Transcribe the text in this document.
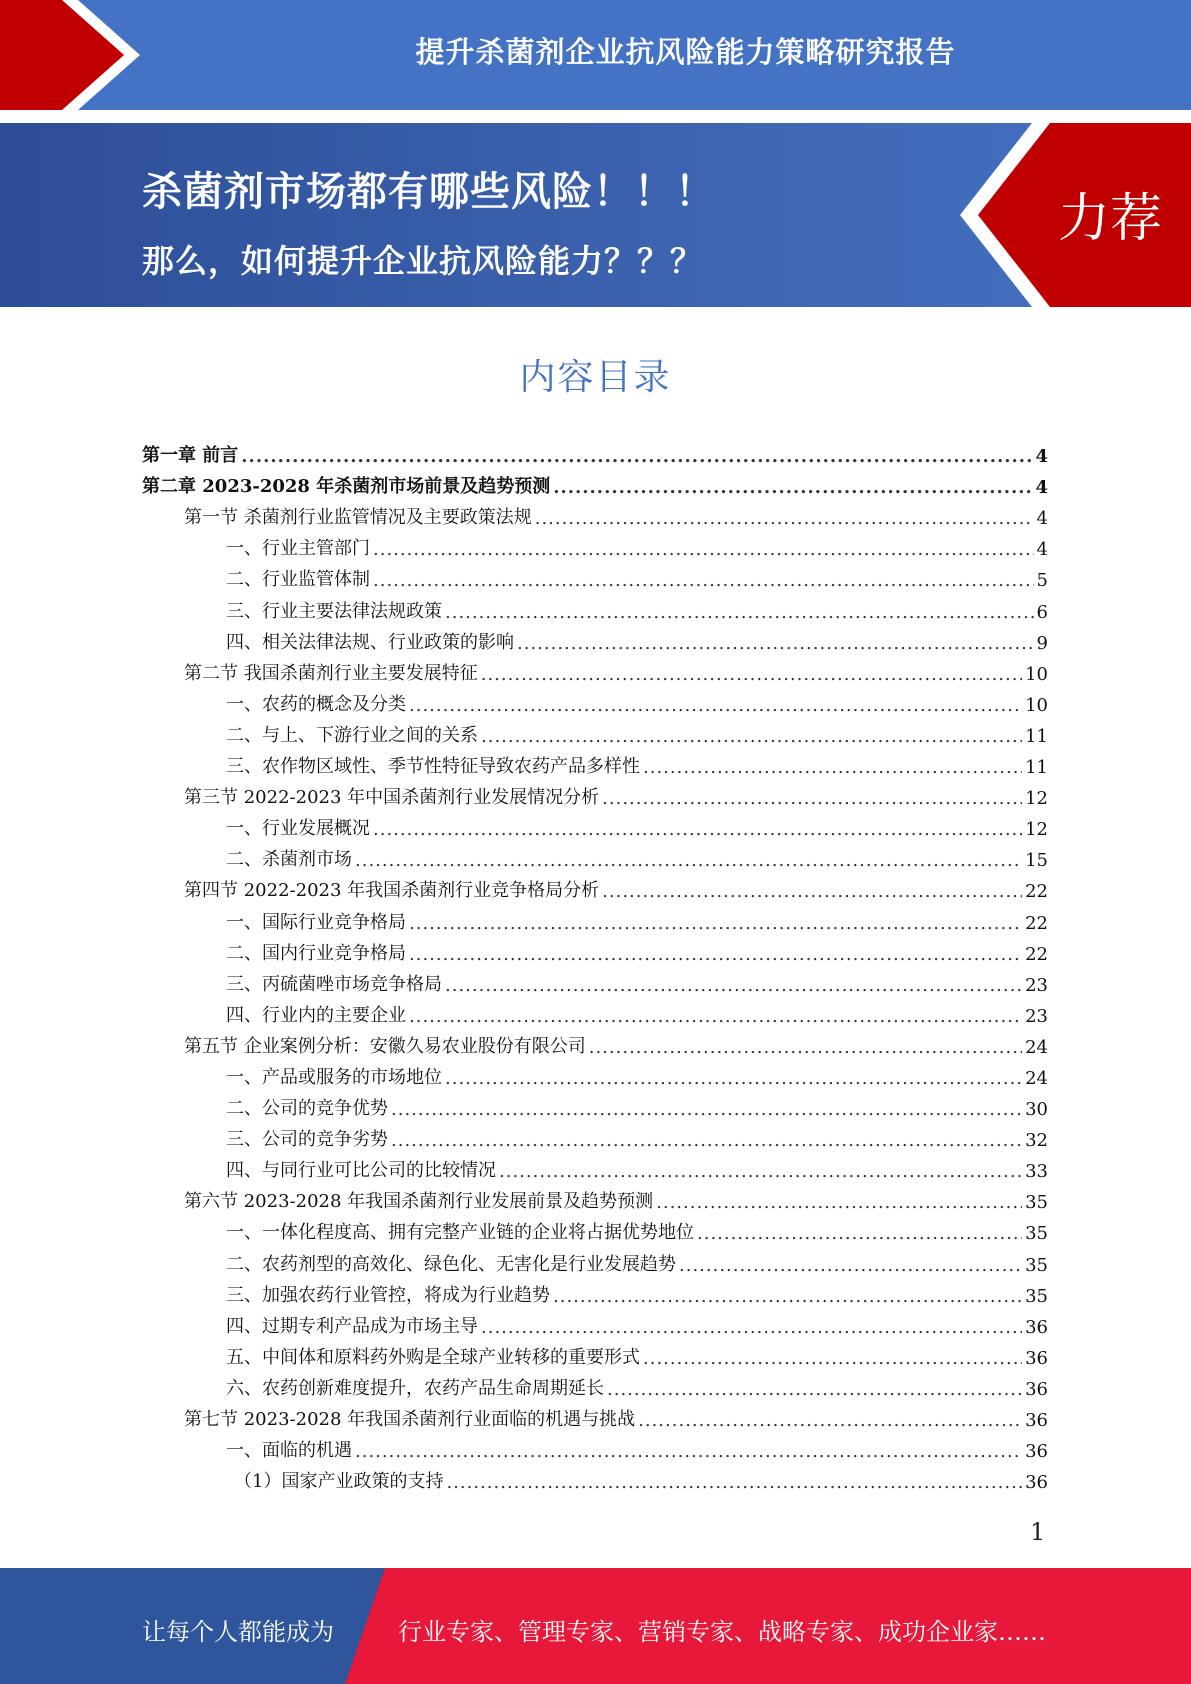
提升杀菌剂企业抗风险能力策略研究报告
杀菌剂市场都有哪些风险！！！
那么，如何提升企业抗风险能力？？？
力荐
内容目录
第一章 前言 .....	4
第二章 2023-2028 年杀菌剂市场前景及趋势预测 .....	4
第一节 杀菌剂行业监管情况及主要政策法规 .....	4
一、行业主管部门 .....	4
二、行业监管体制 .....	5
三、行业主要法律法规政策 .....	6
四、相关法律法规、行业政策的影响 .....	9
第二节 我国杀菌剂行业主要发展特征 .....	10
一、农药的概念及分类 .....	10
二、与上、下游行业之间的关系 .....	11
三、农作物区域性、季节性特征导致农药产品多样性 .....	11
第三节 2022-2023 年中国杀菌剂行业发展情况分析 .....	12
一、行业发展概况 .....	12
二、杀菌剂市场 .....	15
第四节 2022-2023 年我国杀菌剂行业竞争格局分析 .....	22
一、国际行业竞争格局 .....	22
二、国内行业竞争格局 .....	22
三、丙硫菌唑市场竞争格局 .....	23
四、行业内的主要企业 .....	23
第五节 企业案例分析：安徽久易农业股份有限公司 .....	24
一、产品或服务的市场地位 .....	24
二、公司的竞争优势 .....	30
三、公司的竞争劣势 .....	32
四、与同行业可比公司的比较情况 .....	33
第六节 2023-2028 年我国杀菌剂行业发展前景及趋势预测 .....	35
一、一体化程度高、拥有完整产业链的企业将占据优势地位 .....	35
二、农药剂型的高效化、绿色化、无害化是行业发展趋势 .....	35
三、加强农药行业管控，将成为行业趋势 .....	35
四、过期专利产品成为市场主导 .....	36
五、中间体和原料药外购是全球产业转移的重要形式 .....	36
六、农药创新难度提升，农药产品生命周期延长 .....	36
第七节 2023-2028 年我国杀菌剂行业面临的机遇与挑战 .....	36
一、面临的机遇 .....	36
（1）国家产业政策的支持 .....	36
1
让每个人都能成为	行业专家、管理专家、营销专家、战略专家、成功企业家……
